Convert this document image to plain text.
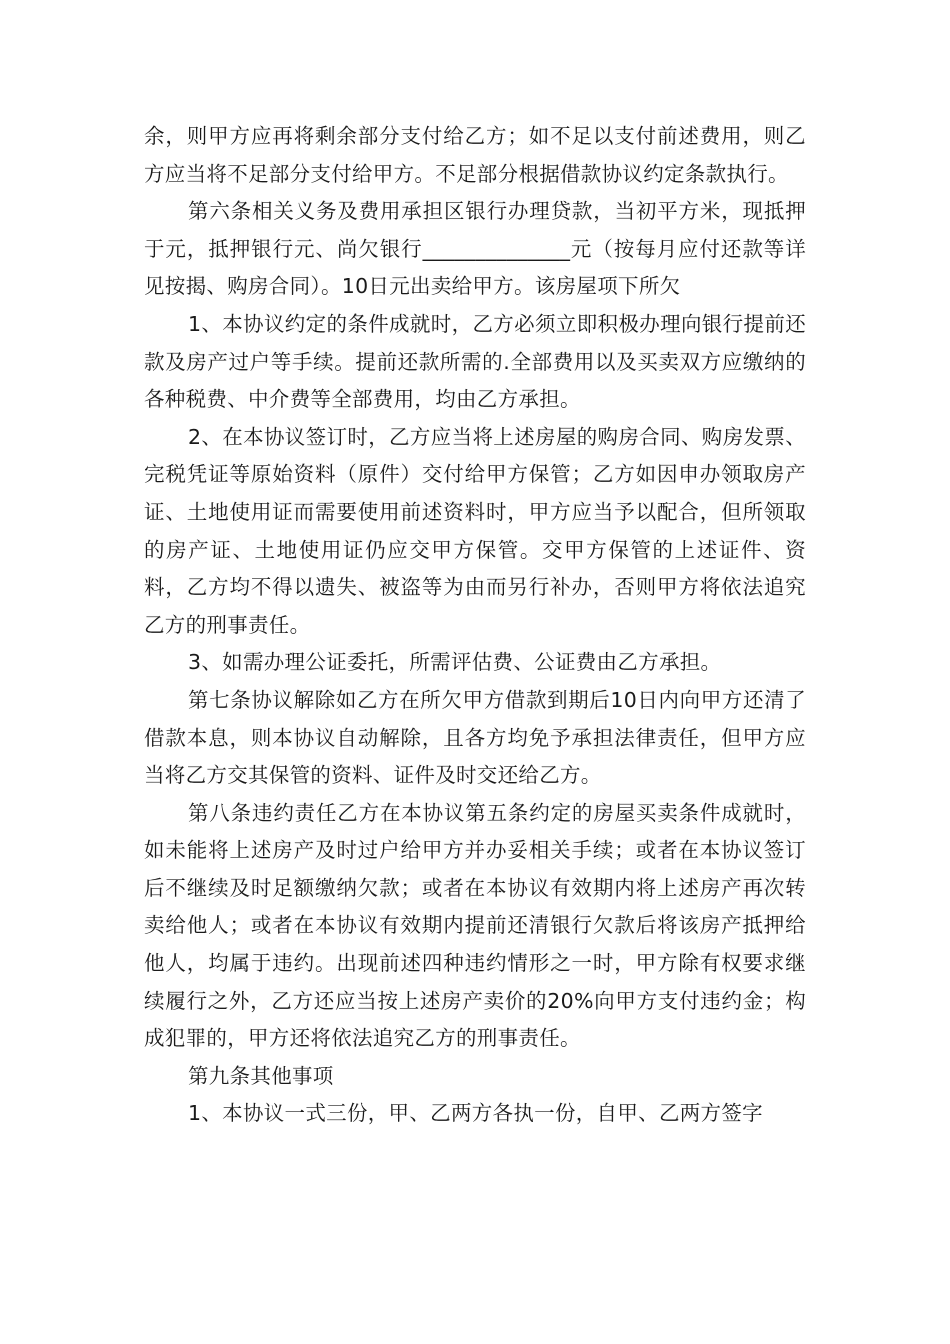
余，则甲方应再将剩余部分支付给乙方；如不足以支付前述费用，则乙方应当将不足部分支付给甲方。不足部分根据借款协议约定条款执行。

第六条相关义务及费用承担区银行办理贷款，当初平方米，现抵押于元，抵押银行元、尚欠银行______________元（按每月应付还款等详见按揭、购房合同）。10日元出卖给甲方。该房屋项下所欠

1、本协议约定的条件成就时，乙方必须立即积极办理向银行提前还款及房产过户等手续。提前还款所需的.全部费用以及买卖双方应缴纳的各种税费、中介费等全部费用，均由乙方承担。

2、在本协议签订时，乙方应当将上述房屋的购房合同、购房发票、完税凭证等原始资料（原件）交付给甲方保管；乙方如因申办领取房产证、土地使用证而需要使用前述资料时，甲方应当予以配合，但所领取的房产证、土地使用证仍应交甲方保管。交甲方保管的上述证件、资料，乙方均不得以遗失、被盗等为由而另行补办，否则甲方将依法追究乙方的刑事责任。

3、如需办理公证委托，所需评估费、公证费由乙方承担。

第七条协议解除如乙方在所欠甲方借款到期后10日内向甲方还清了借款本息，则本协议自动解除，且各方均免予承担法律责任，但甲方应当将乙方交其保管的资料、证件及时交还给乙方。

第八条违约责任乙方在本协议第五条约定的房屋买卖条件成就时，如未能将上述房产及时过户给甲方并办妥相关手续；或者在本协议签订后不继续及时足额缴纳欠款；或者在本协议有效期内将上述房产再次转卖给他人；或者在本协议有效期内提前还清银行欠款后将该房产抵押给他人，均属于违约。出现前述四种违约情形之一时，甲方除有权要求继续履行之外，乙方还应当按上述房产卖价的20%向甲方支付违约金；构成犯罪的，甲方还将依法追究乙方的刑事责任。

第九条其他事项

1、本协议一式三份，甲、乙两方各执一份，自甲、乙两方签字
